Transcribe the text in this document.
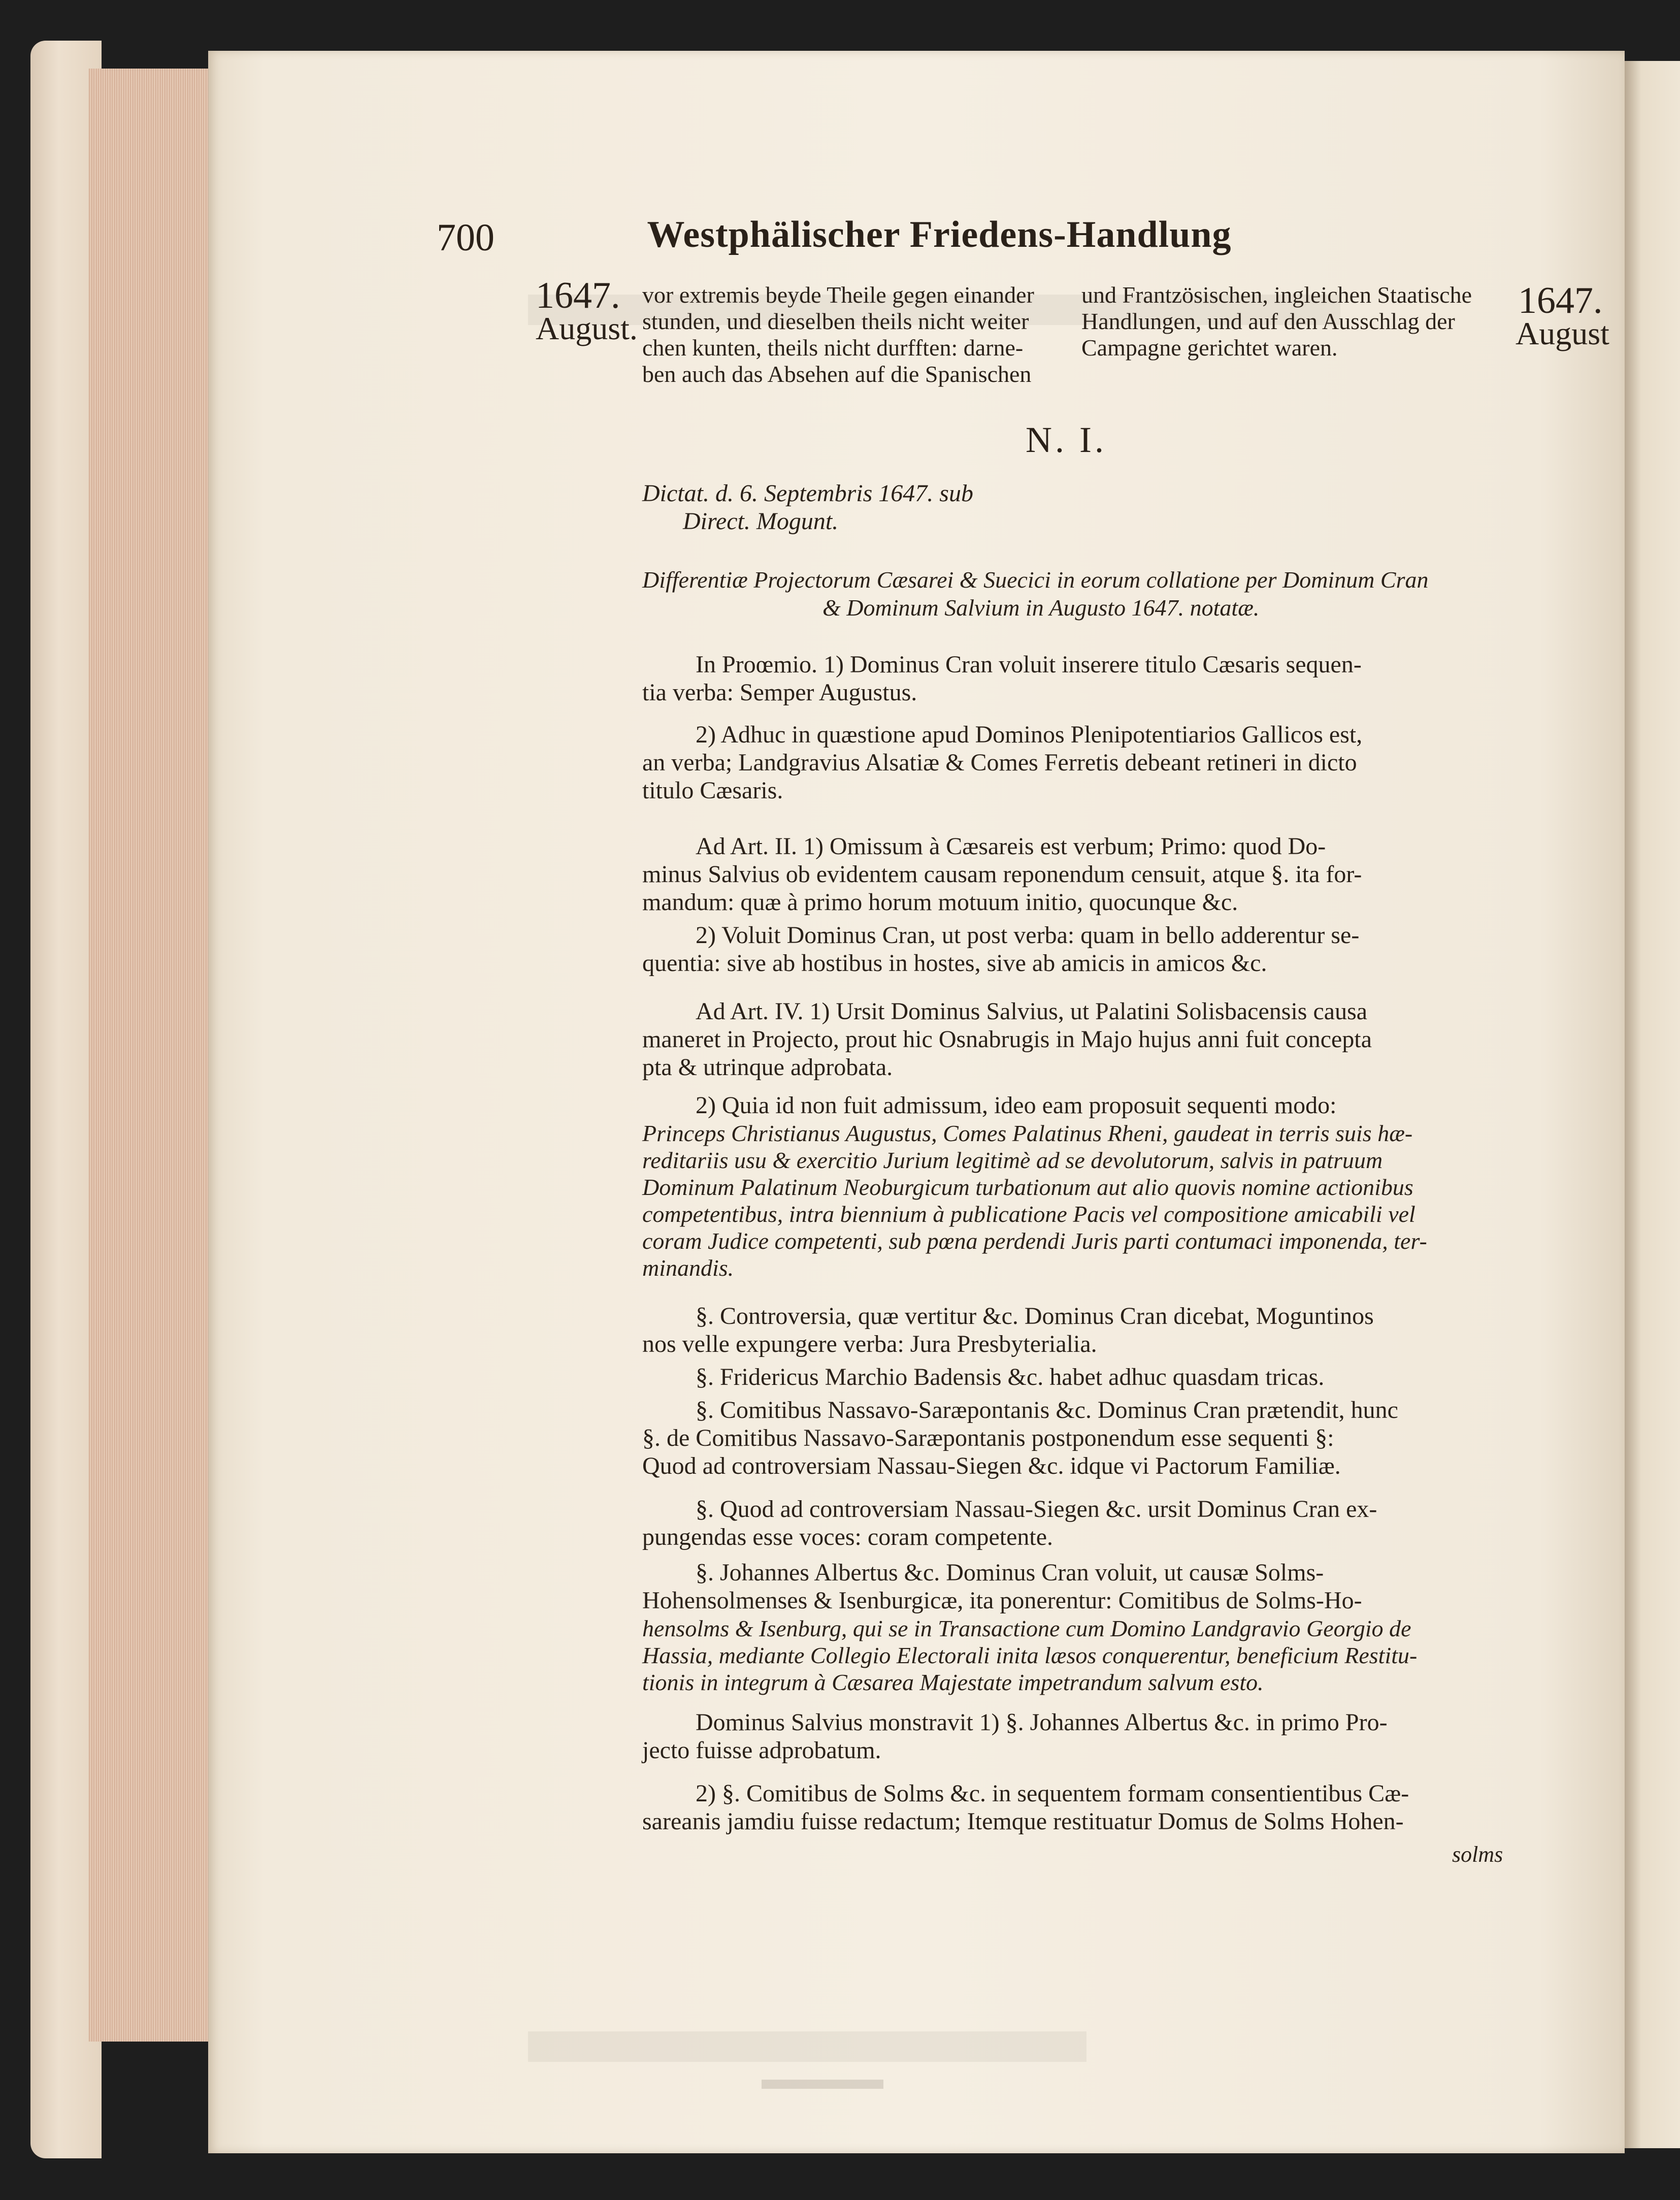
700	Westphälischer Friedens-Handlung
1647.
August.
1647.
August
vor extremis beyde Theile gegen einander
stunden, und dieselben theils nicht weiter
chen kunten, theils nicht durfften: darne-
ben auch das Absehen auf die Spanischen
und Frantzösischen, ingleichen Staatische
Handlungen, und auf den Ausschlag der
Campagne gerichtet waren.
N. I.
Dictat. d. 6. Septembris 1647. sub
Direct. Mogunt.
Differentiæ Projectorum Cæsarei & Suecici in eorum collatione per Dominum Cran
& Dominum Salvium in Augusto 1647. notatæ.
In Proœmio. 1) Dominus Cran voluit inserere titulo Cæsaris sequen-
tia verba: Semper Augustus.
2) Adhuc in quæstione apud Dominos Plenipotentiarios Gallicos est,
an verba; Landgravius Alsatiæ & Comes Ferretis debeant retineri in dicto
titulo Cæsaris.
Ad Art. II. 1) Omissum à Cæsareis est verbum; Primo: quod Do-
minus Salvius ob evidentem causam reponendum censuit, atque §. ita for-
mandum: quæ à primo horum motuum initio, quocunque &c.
2) Voluit Dominus Cran, ut post verba: quam in bello adderentur se-
quentia: sive ab hostibus in hostes, sive ab amicis in amicos &c.
Ad Art. IV. 1) Ursit Dominus Salvius, ut Palatini Solisbacensis causa
maneret in Projecto, prout hic Osnabrugis in Majo hujus anni fuit concepta
pta & utrinque adprobata.
2) Quia id non fuit admissum, ideo eam proposuit sequenti modo:
Princeps Christianus Augustus, Comes Palatinus Rheni, gaudeat in terris suis hæ-
reditariis usu & exercitio Jurium legitimè ad se devolutorum, salvis in patruum
Dominum Palatinum Neoburgicum turbationum aut alio quovis nomine actionibus
competentibus, intra biennium à publicatione Pacis vel compositione amicabili vel
coram Judice competenti, sub pœna perdendi Juris parti contumaci imponenda, ter-
minandis.
§. Controversia, quæ vertitur &c. Dominus Cran dicebat, Moguntinos
nos velle expungere verba: Jura Presbyterialia.
§. Fridericus Marchio Badensis &c. habet adhuc quasdam tricas.
§. Comitibus Nassavo-Saræpontanis &c. Dominus Cran prætendit, hunc
§. de Comitibus Nassavo-Saræpontanis postponendum esse sequenti §:
Quod ad controversiam Nassau-Siegen &c. idque vi Pactorum Familiæ.
§. Quod ad controversiam Nassau-Siegen &c. ursit Dominus Cran ex-
pungendas esse voces: coram competente.
§. Johannes Albertus &c. Dominus Cran voluit, ut causæ Solms-
Hohensolmenses & Isenburgicæ, ita ponerentur: Comitibus de Solms-Ho-
hensolms & Isenburg, qui se in Transactione cum Domino Landgravio Georgio de
Hassia, mediante Collegio Electorali inita læsos conquerentur, beneficium Restitu-
tionis in integrum à Cæsarea Majestate impetrandum salvum esto.
Dominus Salvius monstravit 1) §. Johannes Albertus &c. in primo Pro-
jecto fuisse adprobatum.
2) §. Comitibus de Solms &c. in sequentem formam consentientibus Cæ-
sareanis jamdiu fuisse redactum; Itemque restituatur Domus de Solms Hohen-
solms
